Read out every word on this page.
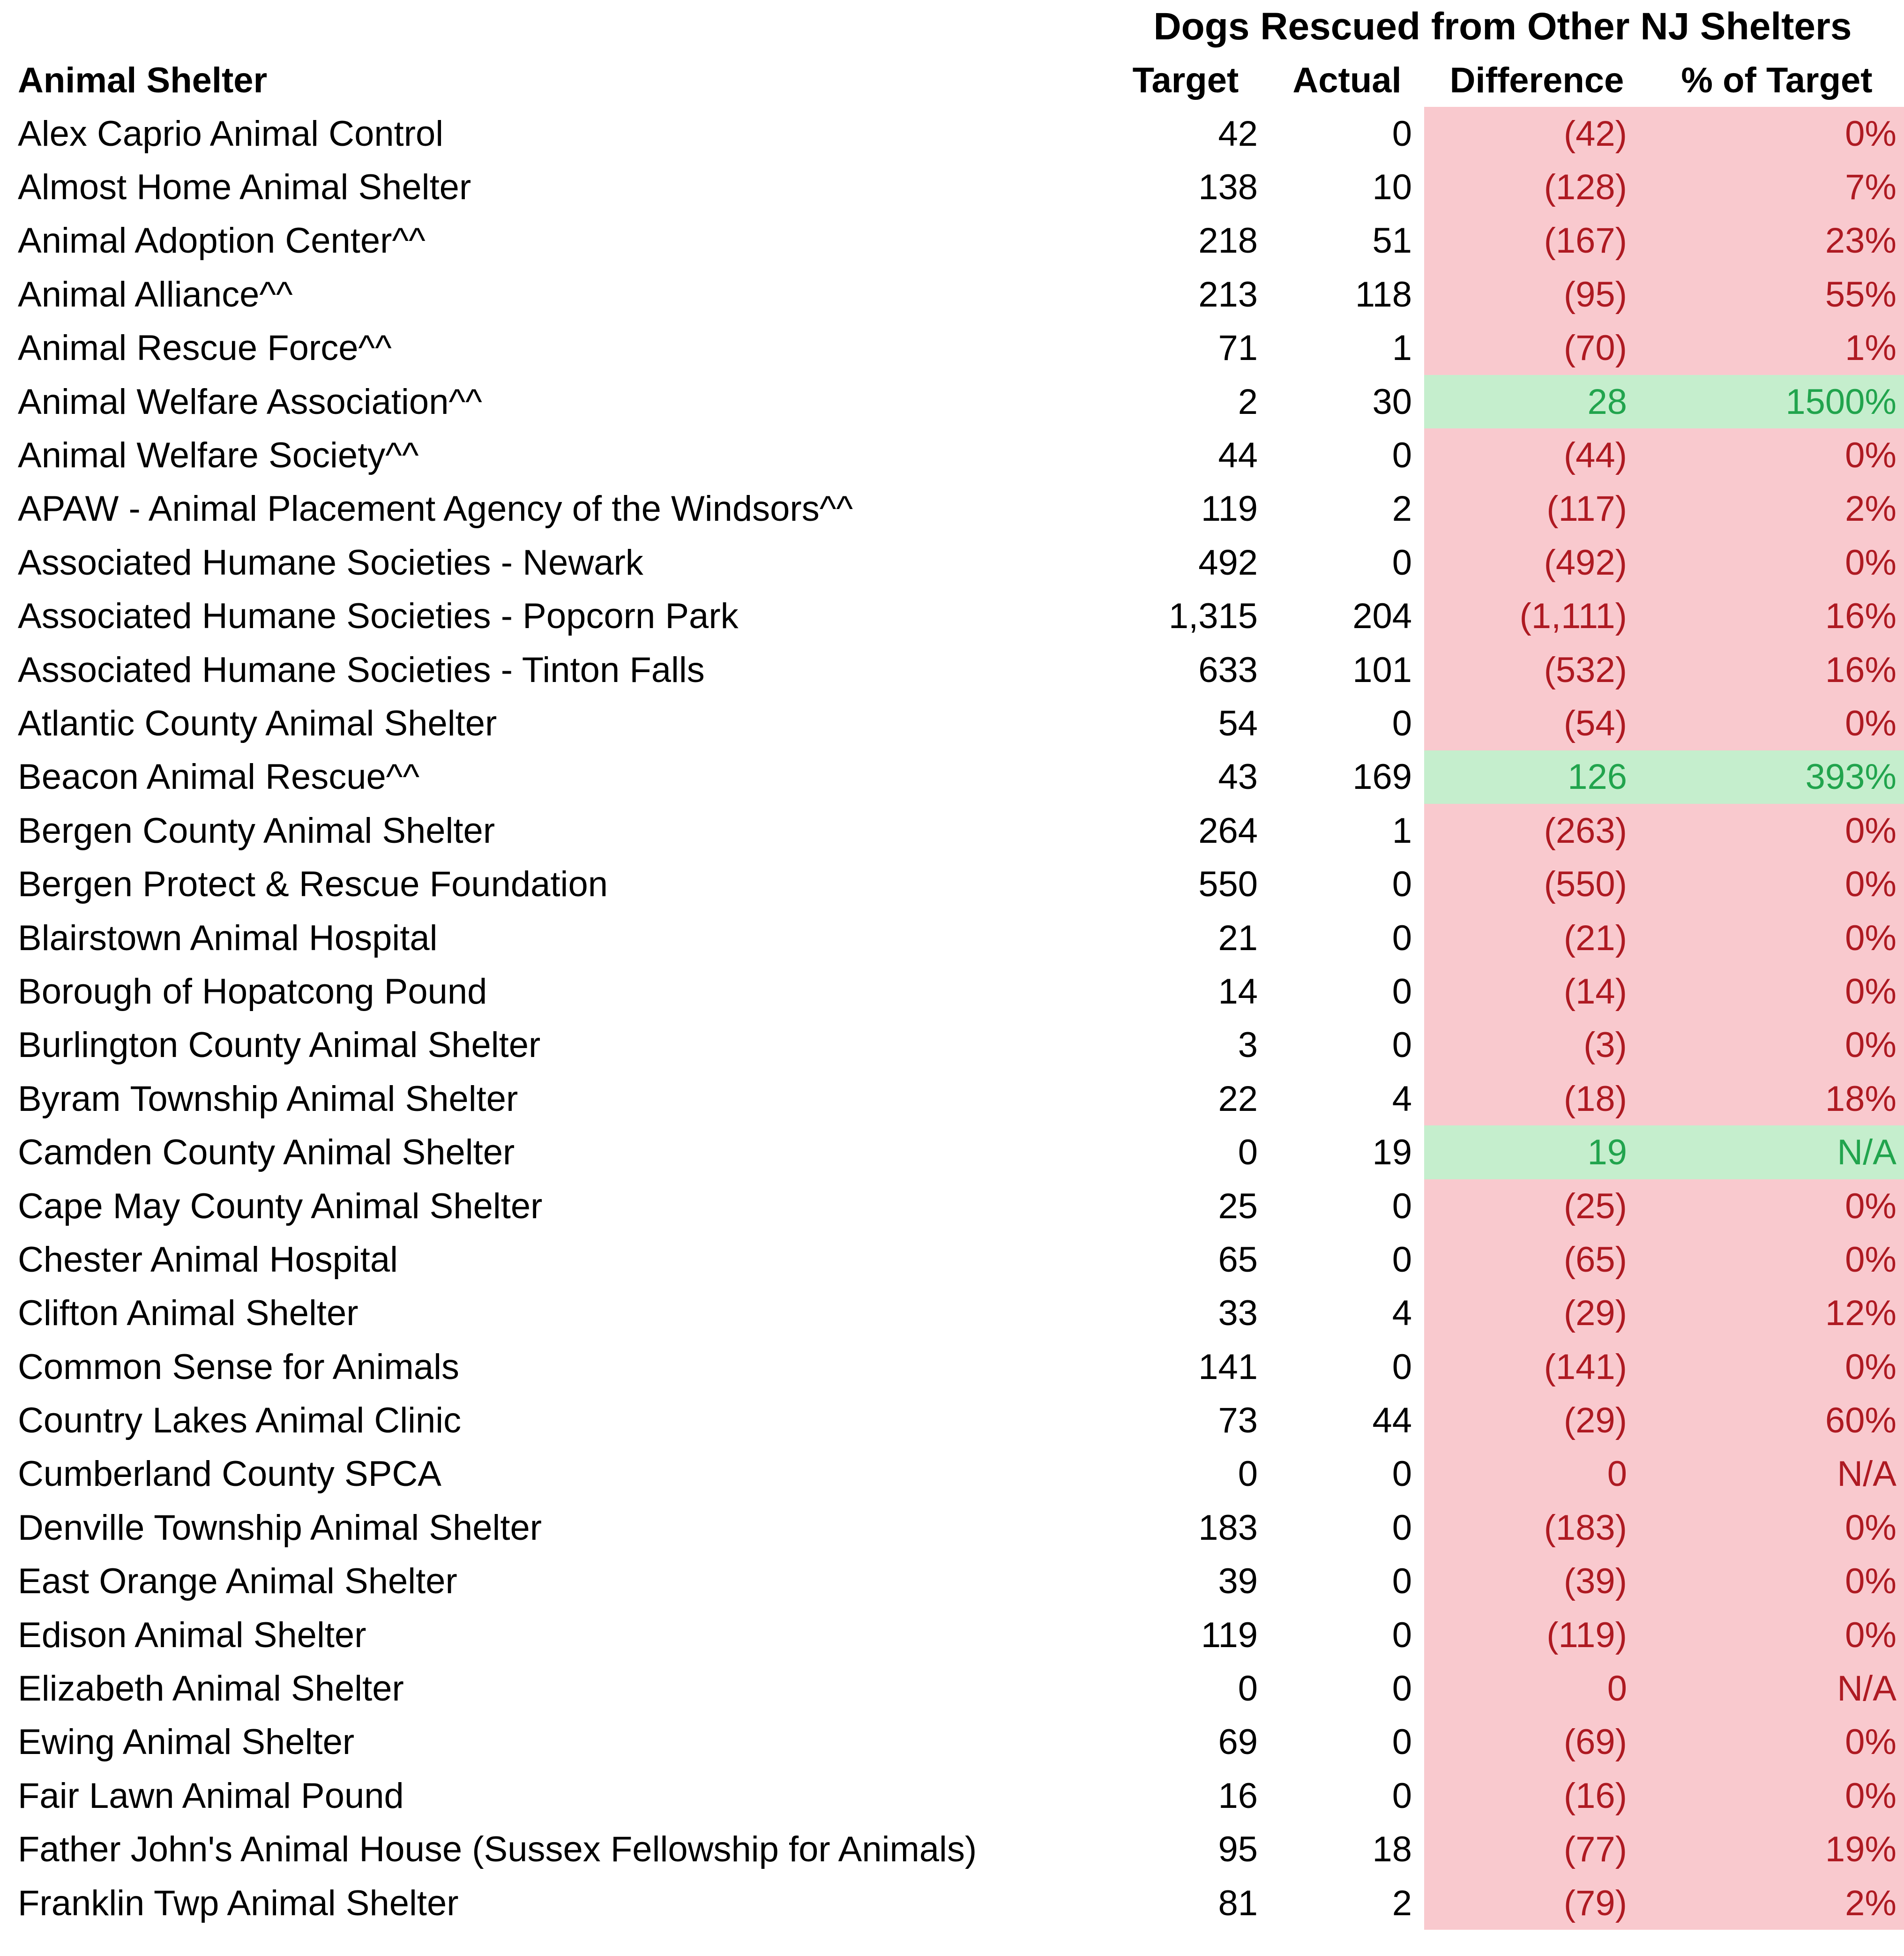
	Dogs Rescued from Other NJ Shelters			
Animal Shelter	Target	Actual	Difference	% of Target
Alex Caprio Animal Control	42	0	(42)	0%
Almost Home Animal Shelter	138	10	(128)	7%
Animal Adoption Center^^	218	51	(167)	23%
Animal Alliance^^	213	118	(95)	55%
Animal Rescue Force^^	71	1	(70)	1%
Animal Welfare Association^^	2	30	28	1500%
Animal Welfare Society^^	44	0	(44)	0%
APAW - Animal Placement Agency of the Windsors^^	119	2	(117)	2%
Associated Humane Societies - Newark	492	0	(492)	0%
Associated Humane Societies - Popcorn Park	1,315	204	(1,111)	16%
Associated Humane Societies - Tinton Falls	633	101	(532)	16%
Atlantic County Animal Shelter	54	0	(54)	0%
Beacon Animal Rescue^^	43	169	126	393%
Bergen County Animal Shelter	264	1	(263)	0%
Bergen Protect & Rescue Foundation	550	0	(550)	0%
Blairstown Animal Hospital	21	0	(21)	0%
Borough of Hopatcong Pound	14	0	(14)	0%
Burlington County Animal Shelter	3	0	(3)	0%
Byram Township Animal Shelter	22	4	(18)	18%
Camden County Animal Shelter	0	19	19	N/A
Cape May County Animal Shelter	25	0	(25)	0%
Chester Animal Hospital	65	0	(65)	0%
Clifton Animal Shelter	33	4	(29)	12%
Common Sense for Animals	141	0	(141)	0%
Country Lakes Animal Clinic	73	44	(29)	60%
Cumberland County SPCA	0	0	0	N/A
Denville Township Animal Shelter	183	0	(183)	0%
East Orange Animal Shelter	39	0	(39)	0%
Edison Animal Shelter	119	0	(119)	0%
Elizabeth Animal Shelter	0	0	0	N/A
Ewing Animal Shelter	69	0	(69)	0%
Fair Lawn Animal Pound	16	0	(16)	0%
Father John's Animal House (Sussex Fellowship for Animals)	95	18	(77)	19%
Franklin Twp Animal Shelter	81	2	(79)	2%
